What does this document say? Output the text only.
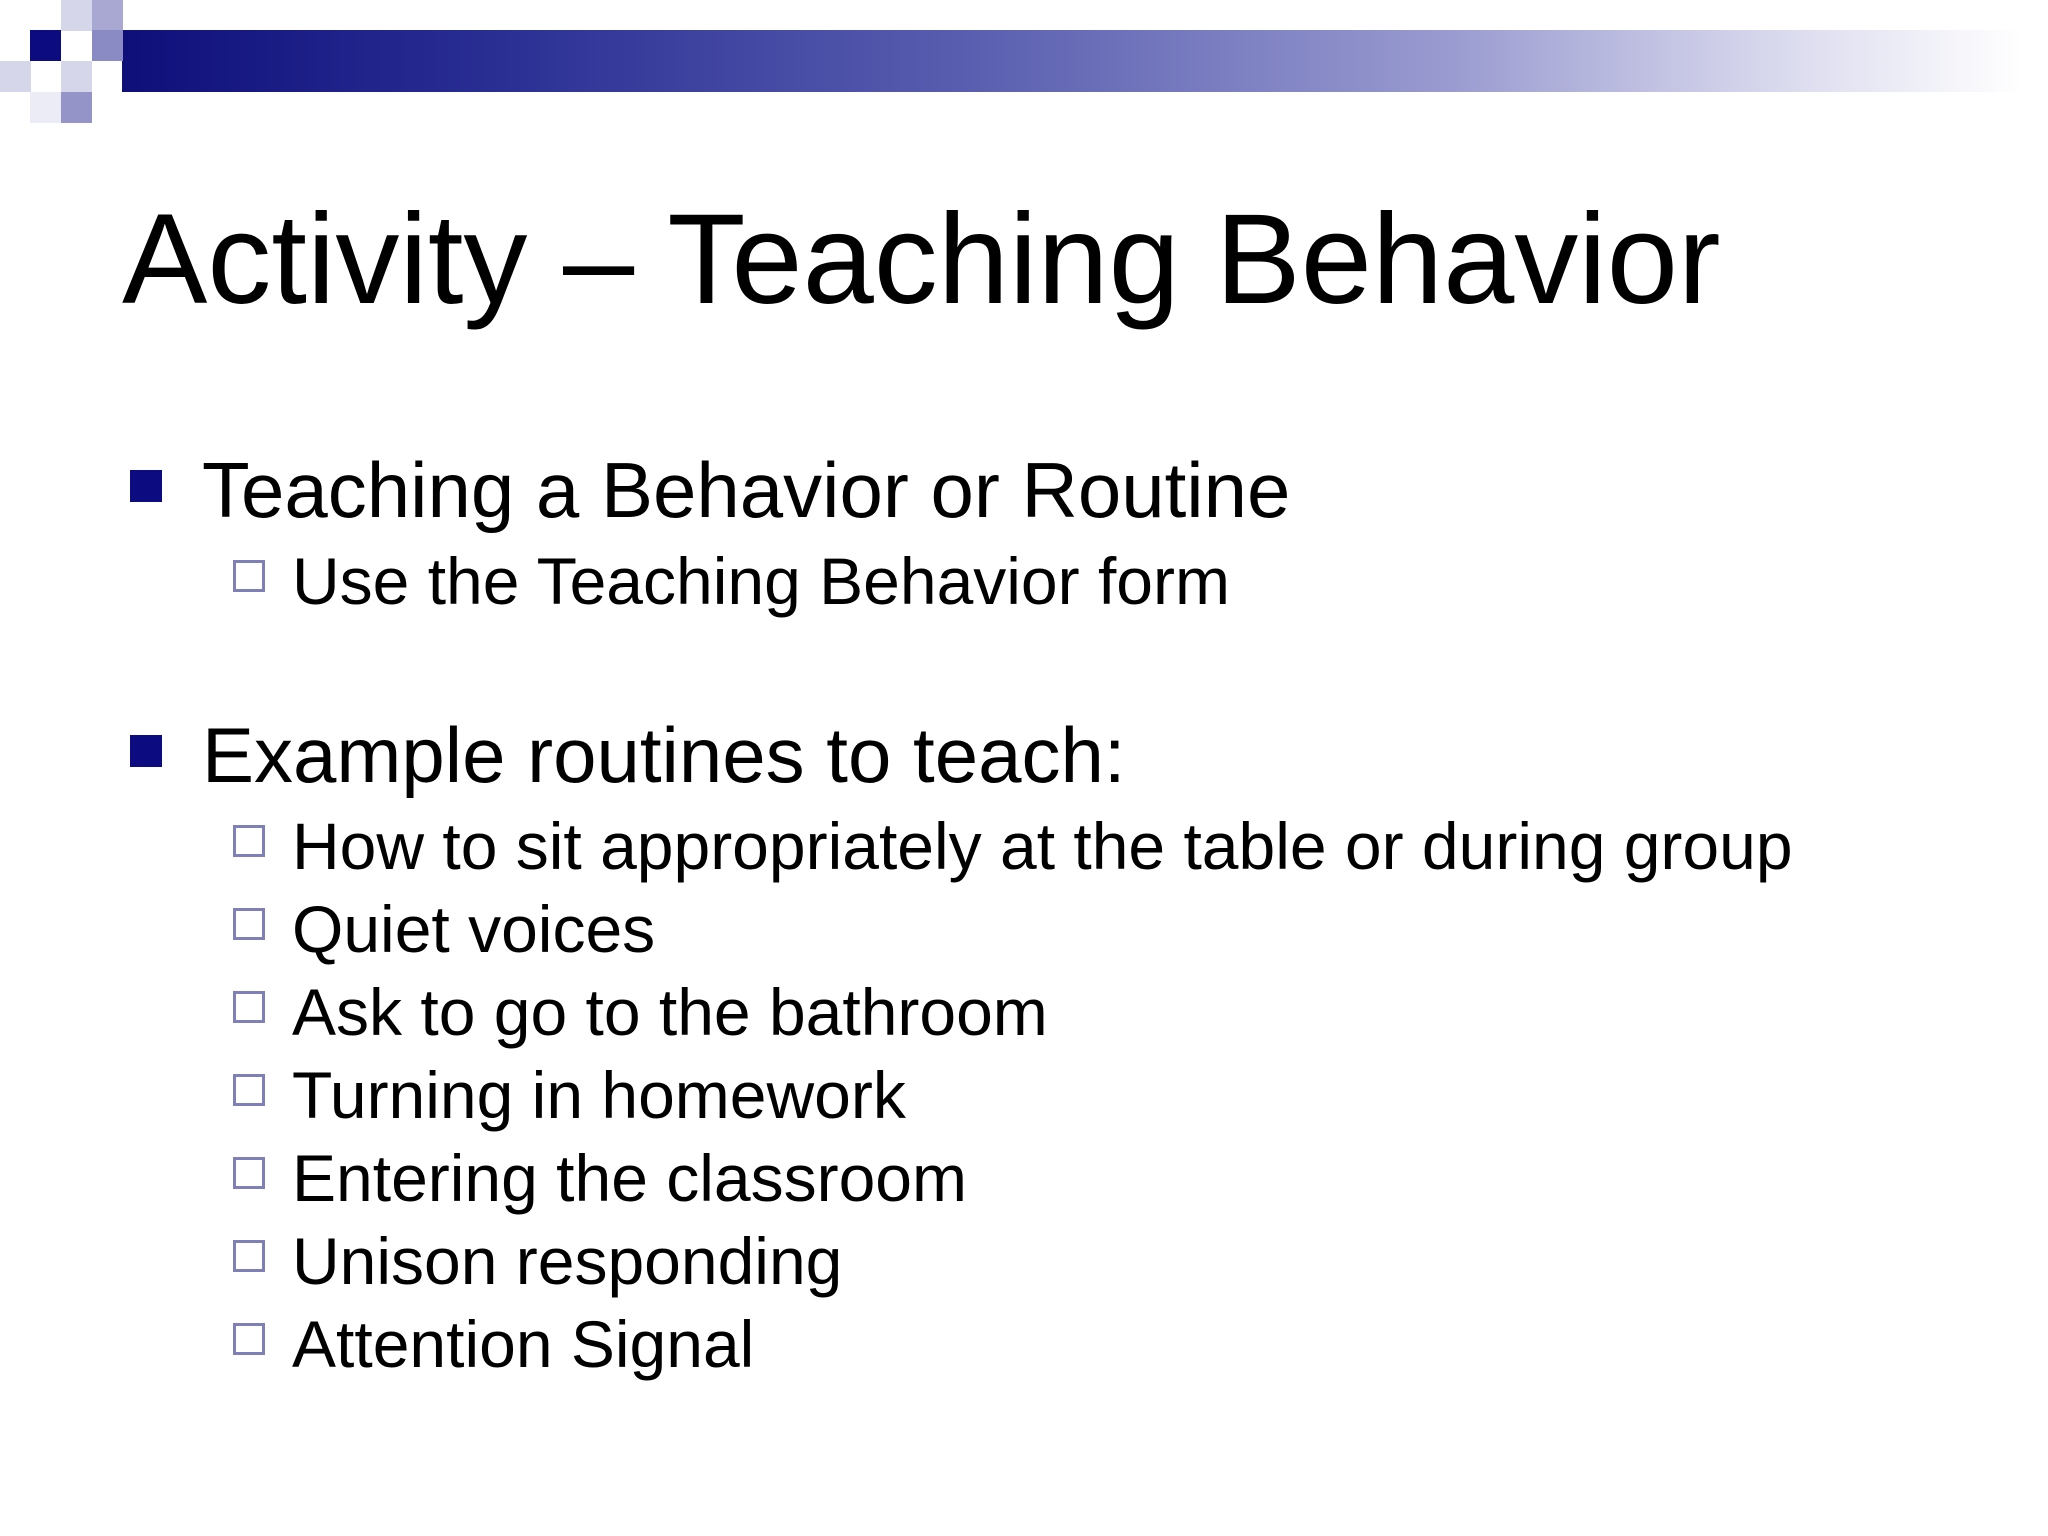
Activity – Teaching Behavior
Teaching a Behavior or Routine
Use the Teaching Behavior form
Example routines to teach:
How to sit appropriately at the table or during group
Quiet voices
Ask to go to the bathroom
Turning in homework
Entering the classroom
Unison responding
Attention Signal
